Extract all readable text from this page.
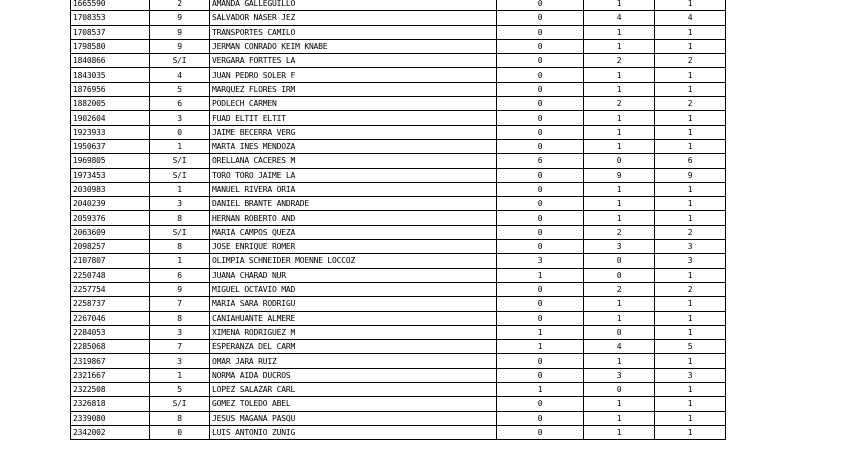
1665590	2	AMANDA GALLEGUILLO	0	1	1
1708353	9	SALVADOR NASER JEZ	0	4	4
1708537	9	TRANSPORTES CAMILO	0	1	1
1798580	9	JERMAN CONRADO KEIM KNABE	0	1	1
1840866	S/I	VERGARA FORTTES LA	0	2	2
1843035	4	JUAN PEDRO SOLER F	0	1	1
1876956	5	MARQUEZ FLORES IRM	0	1	1
1882005	6	PODLECH CARMEN	0	2	2
1902604	3	FUAD ELTIT ELTIT	0	1	1
1923933	0	JAIME BECERRA VERG	0	1	1
1950637	1	MARTA INES MENDOZA	0	1	1
1969805	S/I	ORELLANA CACERES M	6	0	6
1973453	S/I	TORO TORO JAIME LA	0	9	9
2030983	1	MANUEL RIVERA ORIA	0	1	1
2040239	3	DANIEL BRANTE ANDRADE	0	1	1
2059376	8	HERNAN ROBERTO AND	0	1	1
2063609	S/I	MARIA CAMPOS QUEZA	0	2	2
2098257	8	JOSE ENRIQUE ROMER	0	3	3
2107807	1	OLIMPIA SCHNEIDER MOENNE LOCCOZ	3	0	3
2250748	6	JUANA CHARAD NUR	1	0	1
2257754	9	MIGUEL OCTAVIO MAD	0	2	2
2258737	7	MARIA SARA RODRIGU	0	1	1
2267046	8	CANIAHUANTE ALMERE	0	1	1
2284053	3	XIMENA RODRIGUEZ M	1	0	1
2285068	7	ESPERANZA DEL CARM	1	4	5
2319867	3	OMAR JARA RUIZ	0	1	1
2321667	1	NORMA AIDA DUCROS	0	3	3
2322508	5	LOPEZ SALAZAR CARL	1	0	1
2326818	S/I	GOMEZ TOLEDO ABEL	0	1	1
2339080	8	JESUS MAGANA PASQU	0	1	1
2342002	0	LUIS ANTONIO ZUNIG	0	1	1
